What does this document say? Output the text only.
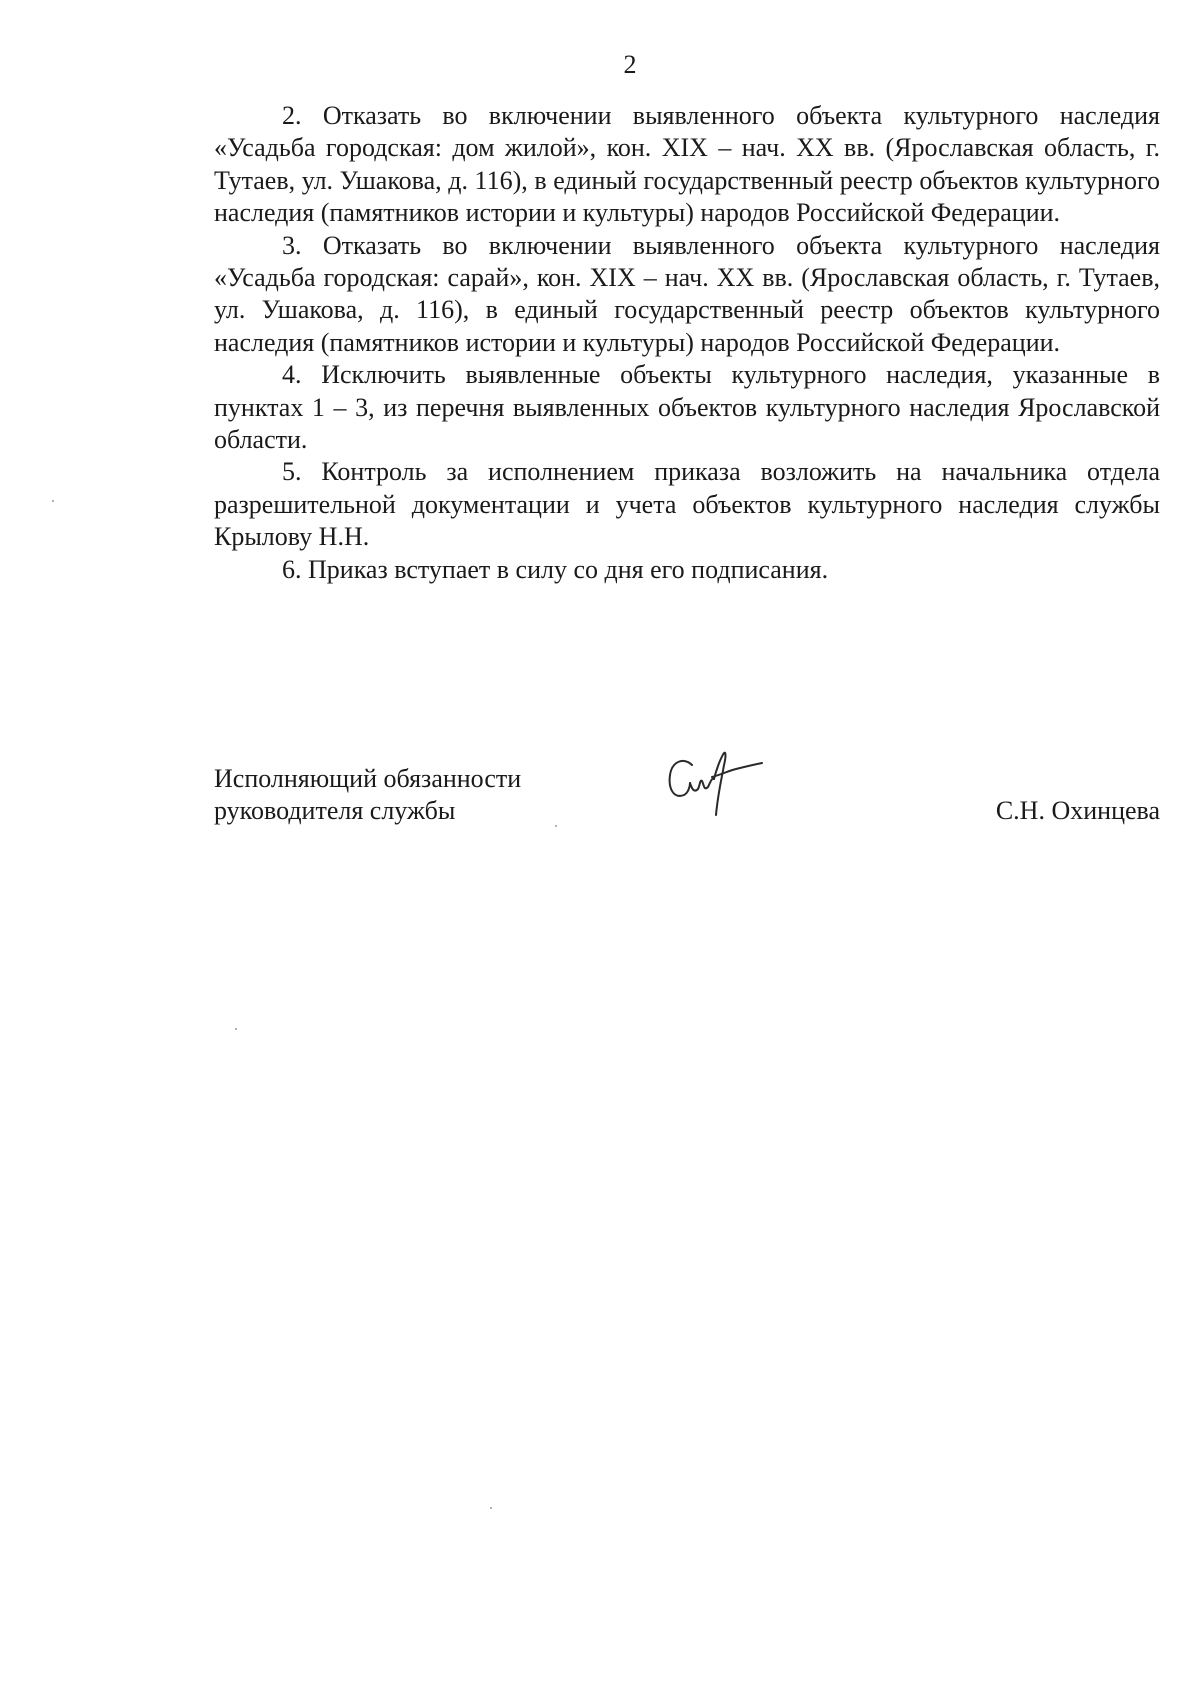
2

2. Отказать во включении выявленного объекта культурного наследия «Усадьба городская: дом жилой», кон. XIX – нач. XX вв. (Ярославская область, г. Тутаев, ул. Ушакова, д. 116), в единый государственный реестр объектов культурного наследия (памятников истории и культуры) народов Российской Федерации.

3. Отказать во включении выявленного объекта культурного наследия «Усадьба городская: сарай», кон. XIX – нач. XX вв. (Ярославская область, г. Тутаев, ул. Ушакова, д. 116), в единый государственный реестр объектов культурного наследия (памятников истории и культуры) народов Российской Федерации.

4. Исключить выявленные объекты культурного наследия, указанные в пунктах 1 – 3, из перечня выявленных объектов культурного наследия Ярославской области.

5. Контроль за исполнением приказа возложить на начальника отдела разрешительной документации и учета объектов культурного наследия службы Крылову Н.Н.

6. Приказ вступает в силу со дня его подписания.

Исполняющий обязанности
руководителя службы	С.Н. Охинцева
